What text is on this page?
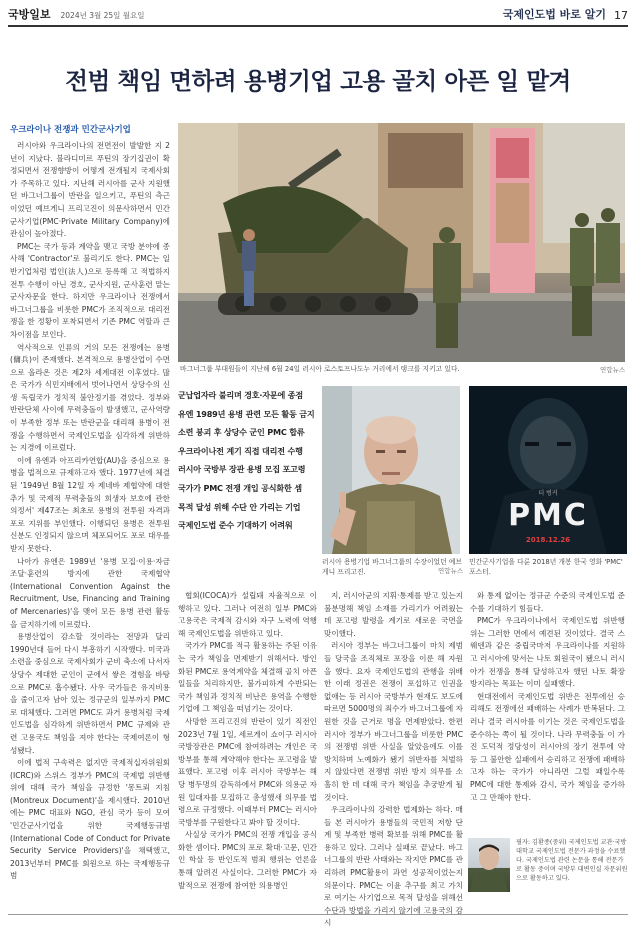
국방일보 2024년 3월 25일 월요일	국제인도법 바로 알기 17
전범 책임 면하려 용병기업 고용 골치 아픈 일 맡겨
우크라이나 전쟁과 민간군사기업

러시아와 우크라이나의 전면전이 발발한 지 2년이 지났다. 블라디미르 푸틴의 장기집권이 확정되면서 전쟁향방이 어떻게 전개될지 국제사회가 주목하고 있다. 지난해 러시아를 군사 지원했던 바그너그룹이 반란을 일으키고, 푸틴의 측근이었던 예브게니 프리고진이 의문사하면서 민간군사기업(PMC·Private Military Company)에 관심이 높아졌다.

PMC는 국가 등과 계약을 맺고 국방 분야에 종사해 'Contractor'로 불리기도 한다. PMC는 일반기업처럼 법인(法人)으로 등록해 고 적법하지 전투 수행이 아닌 경호, 군사지원, 군사훈련 맡는 군사자문을 한다. 하지만 우크라이나 전쟁에서 바그너그룹을 비롯한 PMC가 조직적으로 대리전쟁을 한 정황이 포착되면서 기존 PMC 역할과 큰 차이점을 보인다.

역사적으로 인류의 거의 모든 전쟁에는 용병(傭兵)이 존재했다. 본격적으로 용병산업이 수면으로 올라온 것은 제2차 세계대전 이후였다. 많은 국가가 식민지배에서 벗어나면서 상당수의 신생 독립국가 정치적 불안정기를 겪었다. 정부와 반란단체 사이에 무력충돌이 발생했고, 군사역량이 부족한 정부 또는 반란군을 대리해 용병이 전쟁을 수행하면서 국제인도법을 심각하게 위반하는 지경에 이르렀다.

이에 유엔과 아프리카연합(AU)을 중심으로 용병을 법적으로 규제하고자 했다. 1977년에 체결된 '1949년 8월 12일 자 제네바 제협약에 대한 추가 및 국제적 무력충돌의 희생자 보호에 관한 의정서' 제47조는 최초로 용병의 전투원 자격과 포로 지위를 부인했다. 이행되던 용병은 전투원 신분도 인정되지 않으며 체포되어도 포로 대우를 받지 못한다.

나아가 유엔은 1989년 '용병 모집·이용·자금조달·훈련의 방지에 관한 국제협약(International Convention Against the Recruitment, Use, Financing and Training of Mercenaries)'을 맺어 모든 용병 관련 활동을 금지하기에 이르렀다.

용병산업이 감소할 것이라는 전망과 달리 1990년대 들어 다시 부흥하기 시작했다. 미국과 소련을 중심으로 국제사회가 군비 축소에 나서자 상당수 제대한 군인이 군에서 쌓은 경험을 바탕으로 PMC로 흡수됐다. 사우 국가들은 유지비용을 줄이고자 남아 있는 정규군의 일부까지 PMC로 대체했다. 그러면 PMC도 과거 용병처럼 국제인도법을 심각하게 위반하면서 PMC 규제와 관련 고용국도 책임을 져야 한다는 국제여론이 형성됐다.

이에 법적 구속력은 없지만 국제적십자위원회(ICRC)와 스위스 정부가 PMC의 국제법 위반행위에 대해 국가 책임을 규정한 '몽트뢰 지침(Montreux Document)'을 제시했다. 2010년에는 PMC 대표와 NGO, 관심 국가 등이 모여 '민간군사기업을 위한 국제행동규범(International Code of Conduct for Private Security Service Providers)'을 채택했고, 2013년부터 PMC를 회원으로 하는 국제행동규범

바그너그룹 부대원들이 지난해 6월 24일 러시아 로스토프나도누 거리에서 탱크를 지키고 있다.	연합뉴스
군납업자라 불리며 경호·자문에 종점
유엔 1989년 용병 관련 모든 활동 금지
소련 붕괴 후 상당수 군인 PMC 합류
우크라이나전 계기 직접 대리전 수행
러시아 국방부 장관 용병 모집 포고령
국가가 PMC 전쟁 개입 공식화한 셈
목적 달성 위해 수단 안 가리는 기업
국제인도법 준수 기대하기 어려워
러시아 용병기업 바그너그룹의 수장이었던 예브게니 프리고진.	연합뉴스
PMC
더 벙커
2018.12.26
민간군사기업을 다룬 2018년 개봉 한국 영화 'PMC' 포스터.

협회(ICOCA)가 설립돼 자율적으로 이행하고 있다. 그러나 여전히 일부 PMC와 고용국은 국제적 감시와 자구 노력에 역행해 국제인도법을 위반하고 있다.

국가가 PMC를 적극 활용하는 주된 이유는 국가 책임을 면제받기 위해서다. 방인화된 PMC로 용역계약을 체결해 골치 아픈 일들을 처리하지만, 불가피하게 수반되는 국가 책임과 정치적 비난은 용역을 수행한 기업에 그 책임을 떠넘기는 것이다.

사망한 프리고진의 반란이 있기 직전인 2023년 7월 1일, 세르게이 쇼이구 러시아 국방장관은 PMC에 참여하려는 개인은 국방부를 통해 계약해야 한다는 포고령을 발표했다. 포고령 이후 러시아 국방부는 해당 병두명의 감독하에서 PMC와 의용군 자원 입대자를 모집하고 총성했새 의무를 법령으로 규정했다. 이때부터 PMC는 러시아 국방부를 구원한다고 봐야 할 것이다.

사실상 국가가 PMC의 전쟁 개입을 공식화한 셈이다. PMC의 포로 확대·고문, 민간인 학살 등 반인도적 범죄 행위는 언론을 통해 알려진 사실이다. 그러한 PMC가 자발적으로 전쟁에 참여한 의용병인

지, 러시아군의 지휘·통제를 받고 있는지 불분명해 책임 소재를 가리기가 어려웠는데 포고령 발령을 계기로 새로운 국면을 맞이했다.

러시아 정부는 바그너그룹이 마치 제범들 당국을 조직체로 포장을 이룬 해 자원을 했다. 요자 국제인도법의 관행을 위배한 이래 정권은 전쟁이 포섭하고 인권을 없애는 등 러시아 국방부가 현재도 보도에 따르면 5000명의 죄수가 바그너그룹에 자원한 것을 근거로 명을 면제받았다. 한편 러시아 정부가 바그너그룹을 비롯한 PMC의 전쟁범 위반 사실을 알았음에도 이를 방치하며 노예화가 됐기 위반자를 처벌하지 않았다면 전쟁범 위반 방지 의무를 소홀히 한 데 대해 국가 책임을 추궁받게 될 것이다.

우크라이나의 강력한 법제화는 하다. 매들 본 러시아가 용병들의 국민적 저항 단계 및 부족한 병력 확보를 위해 PMC를 활용하고 있다. 그러나 실패로 끝났다. 바그너그룹의 반란 사태와는 작지만 PMC를 관리하려 PMC활용이 과연 성공적이었는지 의문이다. PMC는 이윤 추구를 최고 가치로 여기는 사기업으로 목적 달성을 위해선 수단과 방법을 가리지 않기에 고용국의 감시

와 통제 없이는 정규군 수준의 국제인도법 준수를 기대하기 힘들다.

PMC가 우크라이나에서 국제인도법 위반행위는 그러한 면에서 예견된 것이었다. 결국 스웨덴과 같은 중립국마저 우크라이나를 지원하고 러시아에 맞서는 나토 회원국이 됐으니 러시아가 전쟁을 통해 달성하고자 했던 나토 확장 방지라는 목표는 이미 실패했다.

현대전에서 국제인도법 위반은 전투에선 승리해도 전쟁에선 패배하는 사례가 반복된다. 그러나 결국 러시아를 이기는 것은 국제인도법을 준수하는 쪽이 될 것이다. 나라 무력충돌 이 가진 도덕적 정당성이 러시아의 장기 전투에 약 등 그 불안한 실패에서 승리하고 전쟁에 패배하고자 하는 국가가 아니라면 그럴 패일수록 PMC에 대한 통제와 감시, 국가 책임을 증가하고 그 만해야 한다.

필자: 김환종(중위) 국제인도법 교관·국방대학교 국제인도법 전문가 과정을 수료했다. 국제인도법 관련 논문을 통해 전문가로 활동 중이며 국방부 대변인실 자문위원으로 활동하고 있다.
